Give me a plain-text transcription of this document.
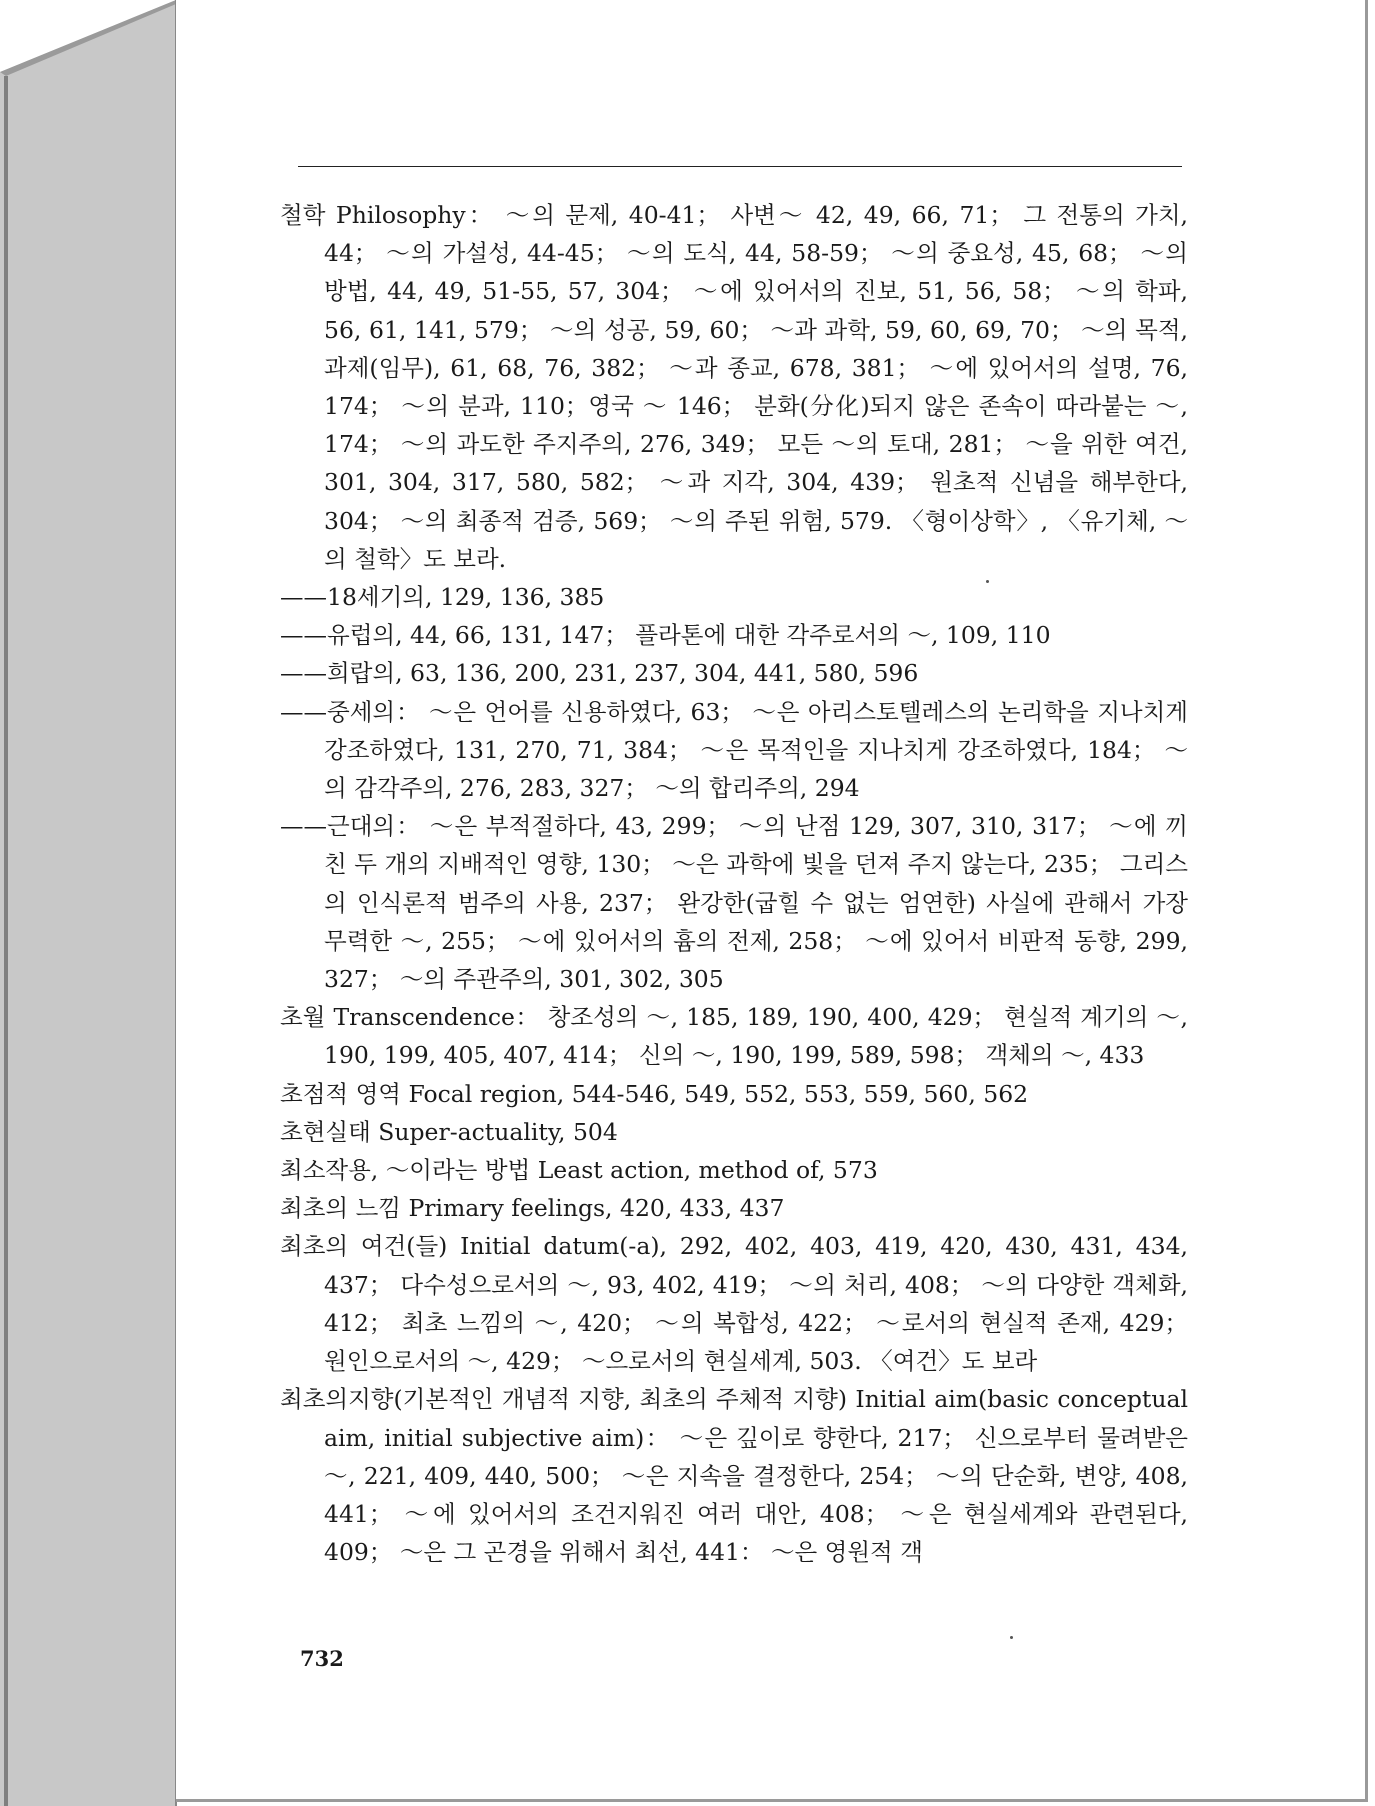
철학 Philosophy： ～의 문제, 40-41； 사변～ 42, 49, 66, 71； 그 전통의 가치, 44； ～의 가설성, 44-45； ～의 도식, 44, 58-59； ～의 중요성, 45, 68； ～의 방법, 44, 49, 51-55, 57, 304； ～에 있어서의 진보, 51, 56, 58； ～의 학파, 56, 61, 141, 579； ～의 성공, 59, 60； ～과 과학, 59, 60, 69, 70； ～의 목적, 과제(임무), 61, 68, 76, 382； ～과 종교, 678, 381； ～에 있어서의 설명, 76, 174； ～의 분과, 110；영국 ～ 146； 분화(分化)되지 않은 존속이 따라붙는 ～, 174； ～의 과도한 주지주의, 276, 349； 모든 ～의 토대, 281； ～을 위한 여건, 301, 304, 317, 580, 582； ～과 지각, 304, 439； 원초적 신념을 해부한다, 304； ～의 최종적 검증, 569； ～의 주된 위험, 579. 〈형이상학〉, 〈유기체, ～의 철학〉도 보라.

——18세기의, 129, 136, 385

——유럽의, 44, 66, 131, 147； 플라톤에 대한 각주로서의 ～, 109, 110

——희랍의, 63, 136, 200, 231, 237, 304, 441, 580, 596

——중세의： ～은 언어를 신용하였다, 63； ～은 아리스토텔레스의 논리학을 지나치게 강조하였다, 131, 270, 71, 384； ～은 목적인을 지나치게 강조하였다, 184； ～의 감각주의, 276, 283, 327； ～의 합리주의, 294

——근대의： ～은 부적절하다, 43, 299； ～의 난점 129, 307, 310, 317； ～에 끼친 두 개의 지배적인 영향, 130； ～은 과학에 빛을 던져 주지 않는다, 235； 그리스의 인식론적 범주의 사용, 237； 완강한(굽힐 수 없는 엄연한) 사실에 관해서 가장 무력한 ～, 255； ～에 있어서의 흄의 전제, 258； ～에 있어서 비판적 동향, 299, 327； ～의 주관주의, 301, 302, 305

초월 Transcendence： 창조성의 ～, 185, 189, 190, 400, 429； 현실적 계기의 ～, 190, 199, 405, 407, 414； 신의 ～, 190, 199, 589, 598； 객체의 ～, 433

초점적 영역 Focal region, 544-546, 549, 552, 553, 559, 560, 562

초현실태 Super-actuality, 504

최소작용, ～이라는 방법 Least action, method of, 573

최초의 느낌 Primary feelings, 420, 433, 437

최초의 여건(들) Initial datum(-a), 292, 402, 403, 419, 420, 430, 431, 434, 437； 다수성으로서의 ～, 93, 402, 419； ～의 처리, 408； ～의 다양한 객체화, 412； 최초 느낌의 ～, 420； ～의 복합성, 422； ～로서의 현실적 존재, 429； 원인으로서의 ～, 429； ～으로서의 현실세계, 503. 〈여건〉도 보라

최초의지향(기본적인 개념적 지향, 최초의 주체적 지향) Initial aim(basic conceptual aim, initial subjective aim)： ～은 깊이로 향한다, 217； 신으로부터 물려받은 ～, 221, 409, 440, 500； ～은 지속을 결정한다, 254； ～의 단순화, 변양, 408, 441； ～에 있어서의 조건지워진 여러 대안, 408； ～은 현실세계와 관련된다, 409； ～은 그 곤경을 위해서 최선, 441： ～은 영원적 객

732
